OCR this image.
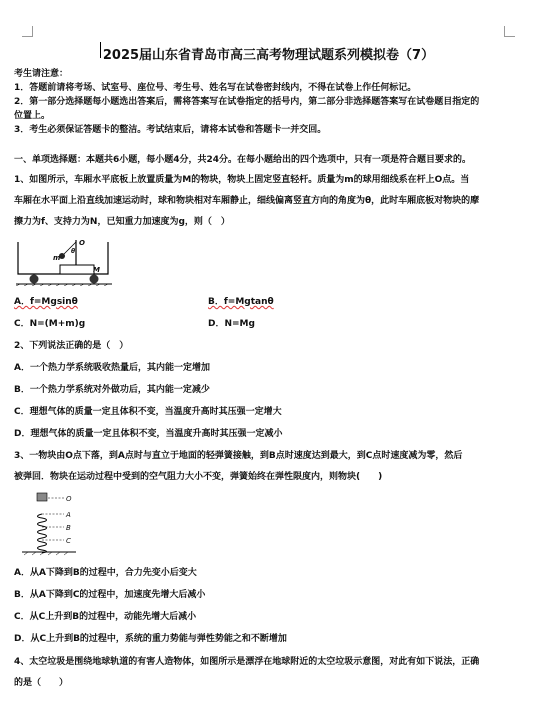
2025届山东省青岛市高三高考物理试题系列模拟卷（7）
考生请注意：
1．答题前请将考场、试室号、座位号、考生号、姓名写在试卷密封线内，不得在试卷上作任何标记。
2．第一部分选择题每小题选出答案后，需将答案写在试卷指定的括号内，第二部分非选择题答案写在试卷题目指定的
位置上。
3．考生必须保证答题卡的整洁。考试结束后，请将本试卷和答题卡一并交回。
一、单项选择题：本题共6小题，每小题4分，共24分。在每小题给出的四个选项中，只有一项是符合题目要求的。
1、如图所示，车厢水平底板上放置质量为M的物块，物块上固定竖直轻杆。质量为m的球用细线系在杆上O点。当
车厢在水平面上沿直线加速运动时，球和物块相对车厢静止，细线偏离竖直方向的角度为θ，此时车厢底板对物块的摩
擦力为f、支持力为N，已知重力加速度为g，则（　）
O
m
θ
M
A．f=Mgsinθ	B．f=Mgtanθ
C．N=(M+m)g	D．N=Mg
2、下列说法正确的是（　）
A．一个热力学系统吸收热量后，其内能一定增加
B．一个热力学系统对外做功后，其内能一定减少
C．理想气体的质量一定且体积不变，当温度升高时其压强一定增大
D．理想气体的质量一定且体积不变，当温度升高时其压强一定减小
3、一物块由O点下落，到A点时与直立于地面的轻弹簧接触，到B点时速度达到最大，到C点时速度减为零，然后
被弹回．物块在运动过程中受到的空气阻力大小不变，弹簧始终在弹性限度内，则物块(　　)
O
A
B
C
A．从A下降到B的过程中，合力先变小后变大
B．从A下降到C的过程中，加速度先增大后减小
C．从C上升到B的过程中，动能先增大后减小
D．从C上升到B的过程中，系统的重力势能与弹性势能之和不断增加
4、太空垃圾是围绕地球轨道的有害人造物体，如图所示是漂浮在地球附近的太空垃圾示意图，对此有如下说法，正确
的是（　　）
